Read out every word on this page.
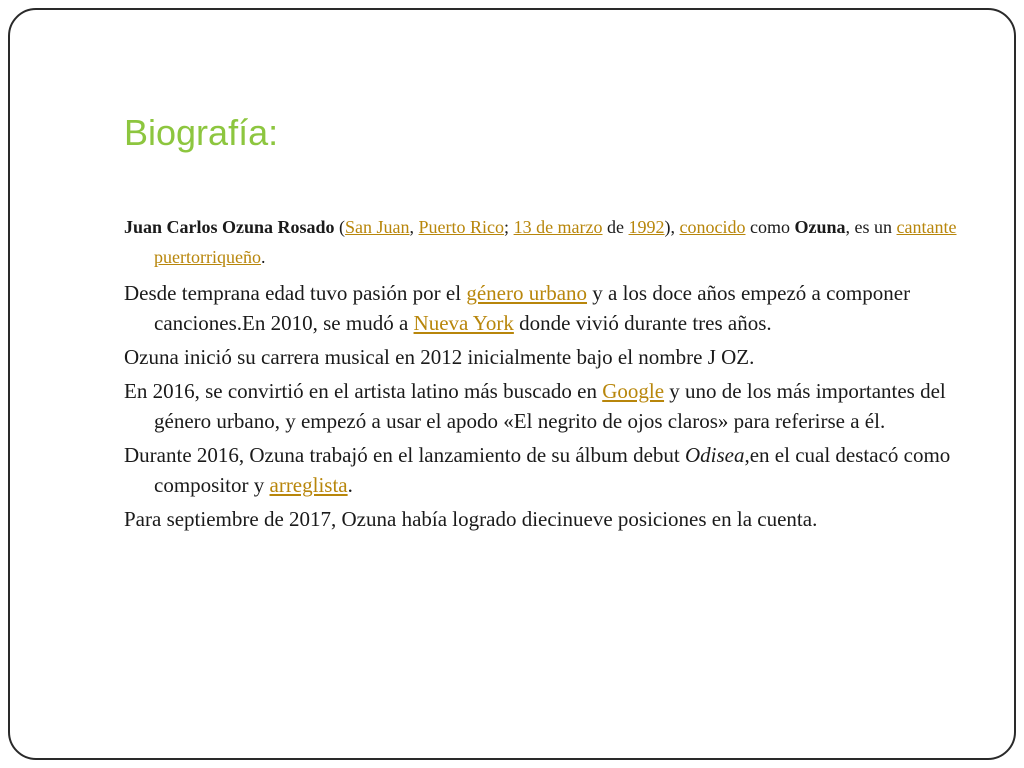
Biografía:

Juan Carlos Ozuna Rosado (San Juan, Puerto Rico; 13 de marzo de 1992), conocido como Ozuna, es un cantante puertorriqueño.

Desde temprana edad tuvo pasión por el género urbano y a los doce años empezó a componer canciones.En 2010, se mudó a Nueva York donde vivió durante tres años.

Ozuna inició su carrera musical en 2012 inicialmente bajo el nombre J OZ.

En 2016, se convirtió en el artista latino más buscado en Google y uno de los más importantes del género urbano, y empezó a usar el apodo «El negrito de ojos claros» para referirse a él.

Durante 2016, Ozuna trabajó en el lanzamiento de su álbum debut Odisea,en el cual destacó como compositor y arreglista.

Para septiembre de 2017, Ozuna había logrado diecinueve posiciones en la cuenta.
